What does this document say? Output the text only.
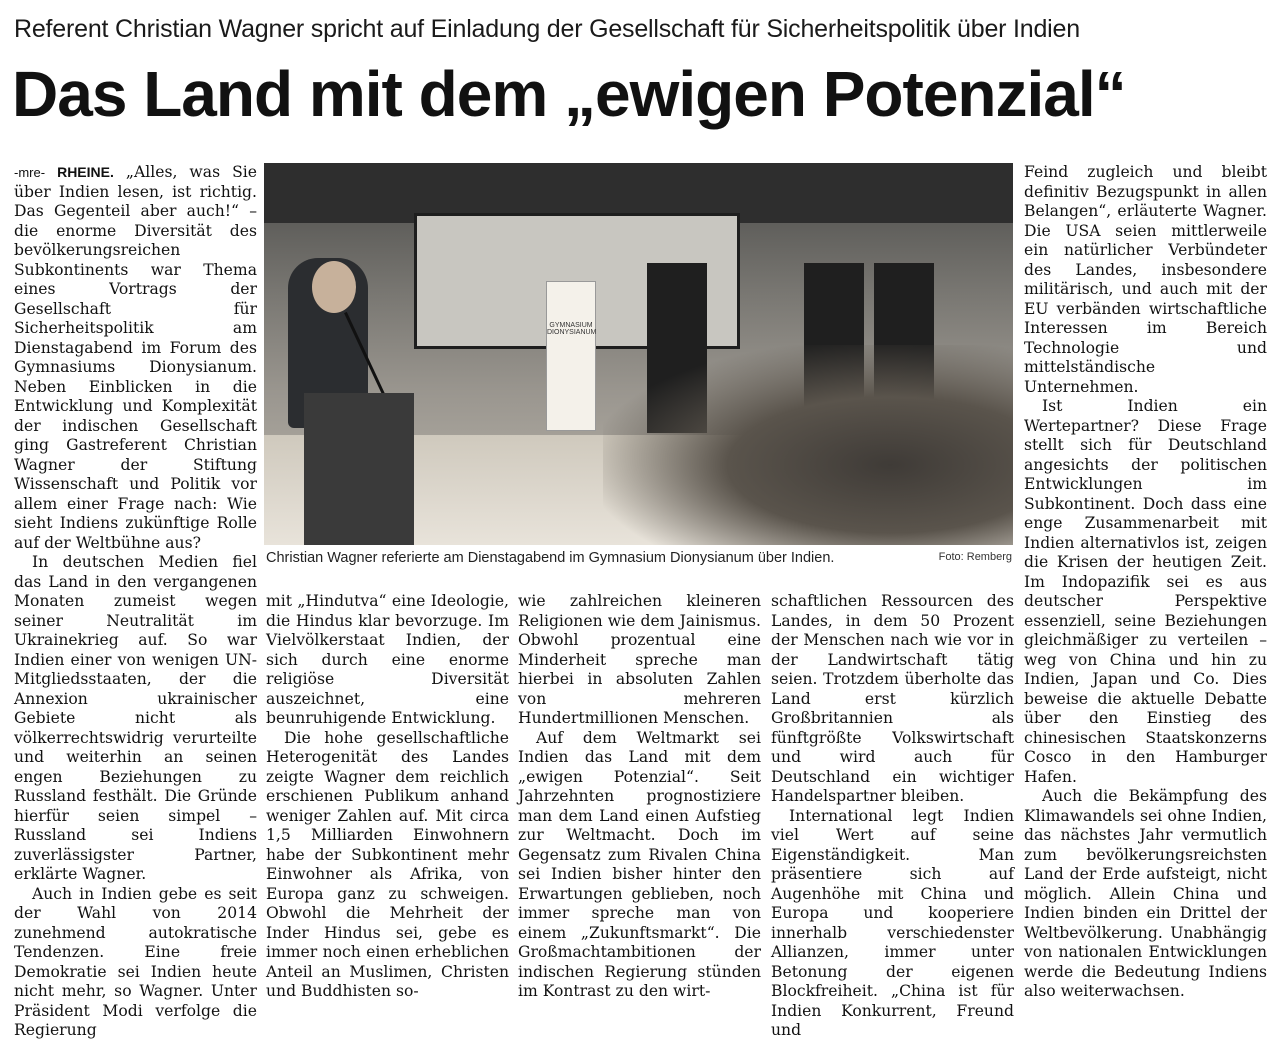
Referent Christian Wagner spricht auf Einladung der Gesellschaft für Sicherheitspolitik über Indien
Das Land mit dem „ewigen Potenzial“

-mre- RHEINE. „Alles, was Sie über Indien lesen, ist richtig. Das Gegenteil aber auch!“ – die enorme Diversität des bevölkerungsreichen Subkontinents war Thema eines Vortrags der Gesellschaft für Sicherheitspolitik am Dienstagabend im Forum des Gymnasiums Dionysianum. Neben Einblicken in die Entwicklung und Komplexität der indischen Gesellschaft ging Gastreferent Christian Wagner der Stiftung Wissenschaft und Politik vor allem einer Frage nach: Wie sieht Indiens zukünftige Rolle auf der Weltbühne aus?

In deutschen Medien fiel das Land in den vergangenen Monaten zumeist wegen seiner Neutralität im Ukrainekrieg auf. So war Indien einer von wenigen UN-Mitgliedsstaaten, der die Annexion ukrainischer Gebiete nicht als völkerrechtswidrig verurteilte und weiterhin an seinen engen Beziehungen zu Russland festhält. Die Gründe hierfür seien simpel – Russland sei Indiens zuverlässigster Partner, erklärte Wagner.

Auch in Indien gebe es seit der Wahl von 2014 zunehmend autokratische Tendenzen. Eine freie Demokratie sei Indien heute nicht mehr, so Wagner. Unter Präsident Modi verfolge die Regierung

GYMNASIUM DIONYSIANUM
Christian Wagner referierte am Dienstagabend im Gymnasium Dionysianum über Indien.	Foto: Remberg

mit „Hindutva“ eine Ideologie, die Hindus klar bevorzuge. Im Vielvölkerstaat Indien, der sich durch eine enorme religiöse Diversität auszeichnet, eine beunruhigende Entwicklung.

Die hohe gesellschaftliche Heterogenität des Landes zeigte Wagner dem reichlich erschienen Publikum anhand weniger Zahlen auf. Mit circa 1,5 Milliarden Einwohnern habe der Subkontinent mehr Einwohner als Afrika, von Europa ganz zu schweigen. Obwohl die Mehrheit der Inder Hindus sei, gebe es immer noch einen erheblichen Anteil an Muslimen, Christen und Buddhisten so-

wie zahlreichen kleineren Religionen wie dem Jainismus. Obwohl prozentual eine Minderheit spreche man hierbei in absoluten Zahlen von mehreren Hundertmillionen Menschen.

Auf dem Weltmarkt sei Indien das Land mit dem „ewigen Potenzial“. Seit Jahrzehnten prognostiziere man dem Land einen Aufstieg zur Weltmacht. Doch im Gegensatz zum Rivalen China sei Indien bisher hinter den Erwartungen geblieben, noch immer spreche man von einem „Zukunftsmarkt“. Die Großmachtambitionen der indischen Regierung stünden im Kontrast zu den wirt-

schaftlichen Ressourcen des Landes, in dem 50 Prozent der Menschen nach wie vor in der Landwirtschaft tätig seien. Trotzdem überholte das Land erst kürzlich Großbritannien als fünftgrößte Volkswirtschaft und wird auch für Deutschland ein wichtiger Handelspartner bleiben.

International legt Indien viel Wert auf seine Eigenständigkeit. Man präsentiere sich auf Augenhöhe mit China und Europa und kooperiere innerhalb verschiedenster Allianzen, immer unter Betonung der eigenen Blockfreiheit. „China ist für Indien Konkurrent, Freund und

Feind zugleich und bleibt definitiv Bezugspunkt in allen Belangen“, erläuterte Wagner. Die USA seien mittlerweile ein natürlicher Verbündeter des Landes, insbesondere militärisch, und auch mit der EU verbänden wirtschaftliche Interessen im Bereich Technologie und mittelständische Unternehmen.

Ist Indien ein Wertepartner? Diese Frage stellt sich für Deutschland angesichts der politischen Entwicklungen im Subkontinent. Doch dass eine enge Zusammenarbeit mit Indien alternativlos ist, zeigen die Krisen der heutigen Zeit. Im Indopazifik sei es aus deutscher Perspektive essenziell, seine Beziehungen gleichmäßiger zu verteilen – weg von China und hin zu Indien, Japan und Co. Dies beweise die aktuelle Debatte über den Einstieg des chinesischen Staatskonzerns Cosco in den Hamburger Hafen.

Auch die Bekämpfung des Klimawandels sei ohne Indien, das nächstes Jahr vermutlich zum bevölkerungsreichsten Land der Erde aufsteigt, nicht möglich. Allein China und Indien binden ein Drittel der Weltbevölkerung. Unabhängig von nationalen Entwicklungen werde die Bedeutung Indiens also weiterwachsen.
